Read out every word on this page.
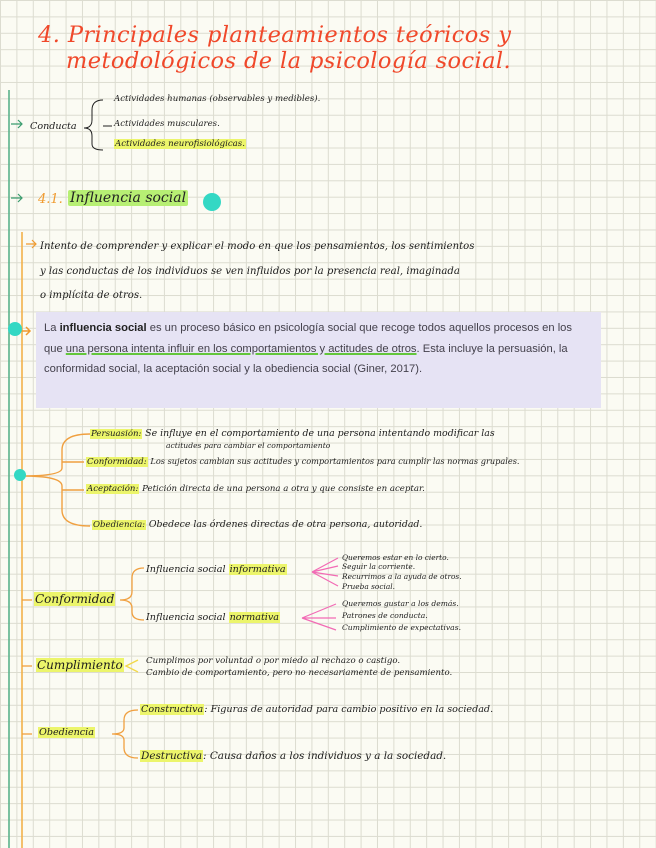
4. Principales planteamientos teóricos y
metodológicos de la psicología social.
Conducta
Actividades humanas (observables y medibles).
Actividades musculares.
Actividades neurofisiológicas.
4.1. Influencia social
Intento de comprender y explicar el modo en que los pensamientos, los sentimientos
y las conductas de los individuos se ven influidos por la presencia real, imaginada
o implícita de otros.
La influencia social es un proceso básico en psicología social que recoge todos aquellos procesos en los que una persona intenta influir en los comportamientos y actitudes de otros. Esta incluye la persuasión, la conformidad social, la aceptación social y la obediencia social (Giner, 2017).
Persuasión: Se influye en el comportamiento de una persona intentando modificar las
actitudes para cambiar el comportamiento
Conformidad: Los sujetos cambian sus actitudes y comportamientos para cumplir las normas grupales.
Aceptación: Petición directa de una persona a otra y que consiste en aceptar.
Obediencia: Obedece las órdenes directas de otra persona, autoridad.
Conformidad
Influencia social informativa
Queremos estar en lo cierto.
Seguir la corriente.
Recurrimos a la ayuda de otros.
Prueba social.
Influencia social normativa
Queremos gustar a los demás.
Patrones de conducta.
Cumplimiento de expectativas.
Cumplimiento	Cumplimos por voluntad o por miedo al rechazo o castigo.
Cambio de comportamiento, pero no necesariamente de pensamiento.
Obediencia
Constructiva: Figuras de autoridad para cambio positivo en la sociedad.
Destructiva: Causa daños a los individuos y a la sociedad.
